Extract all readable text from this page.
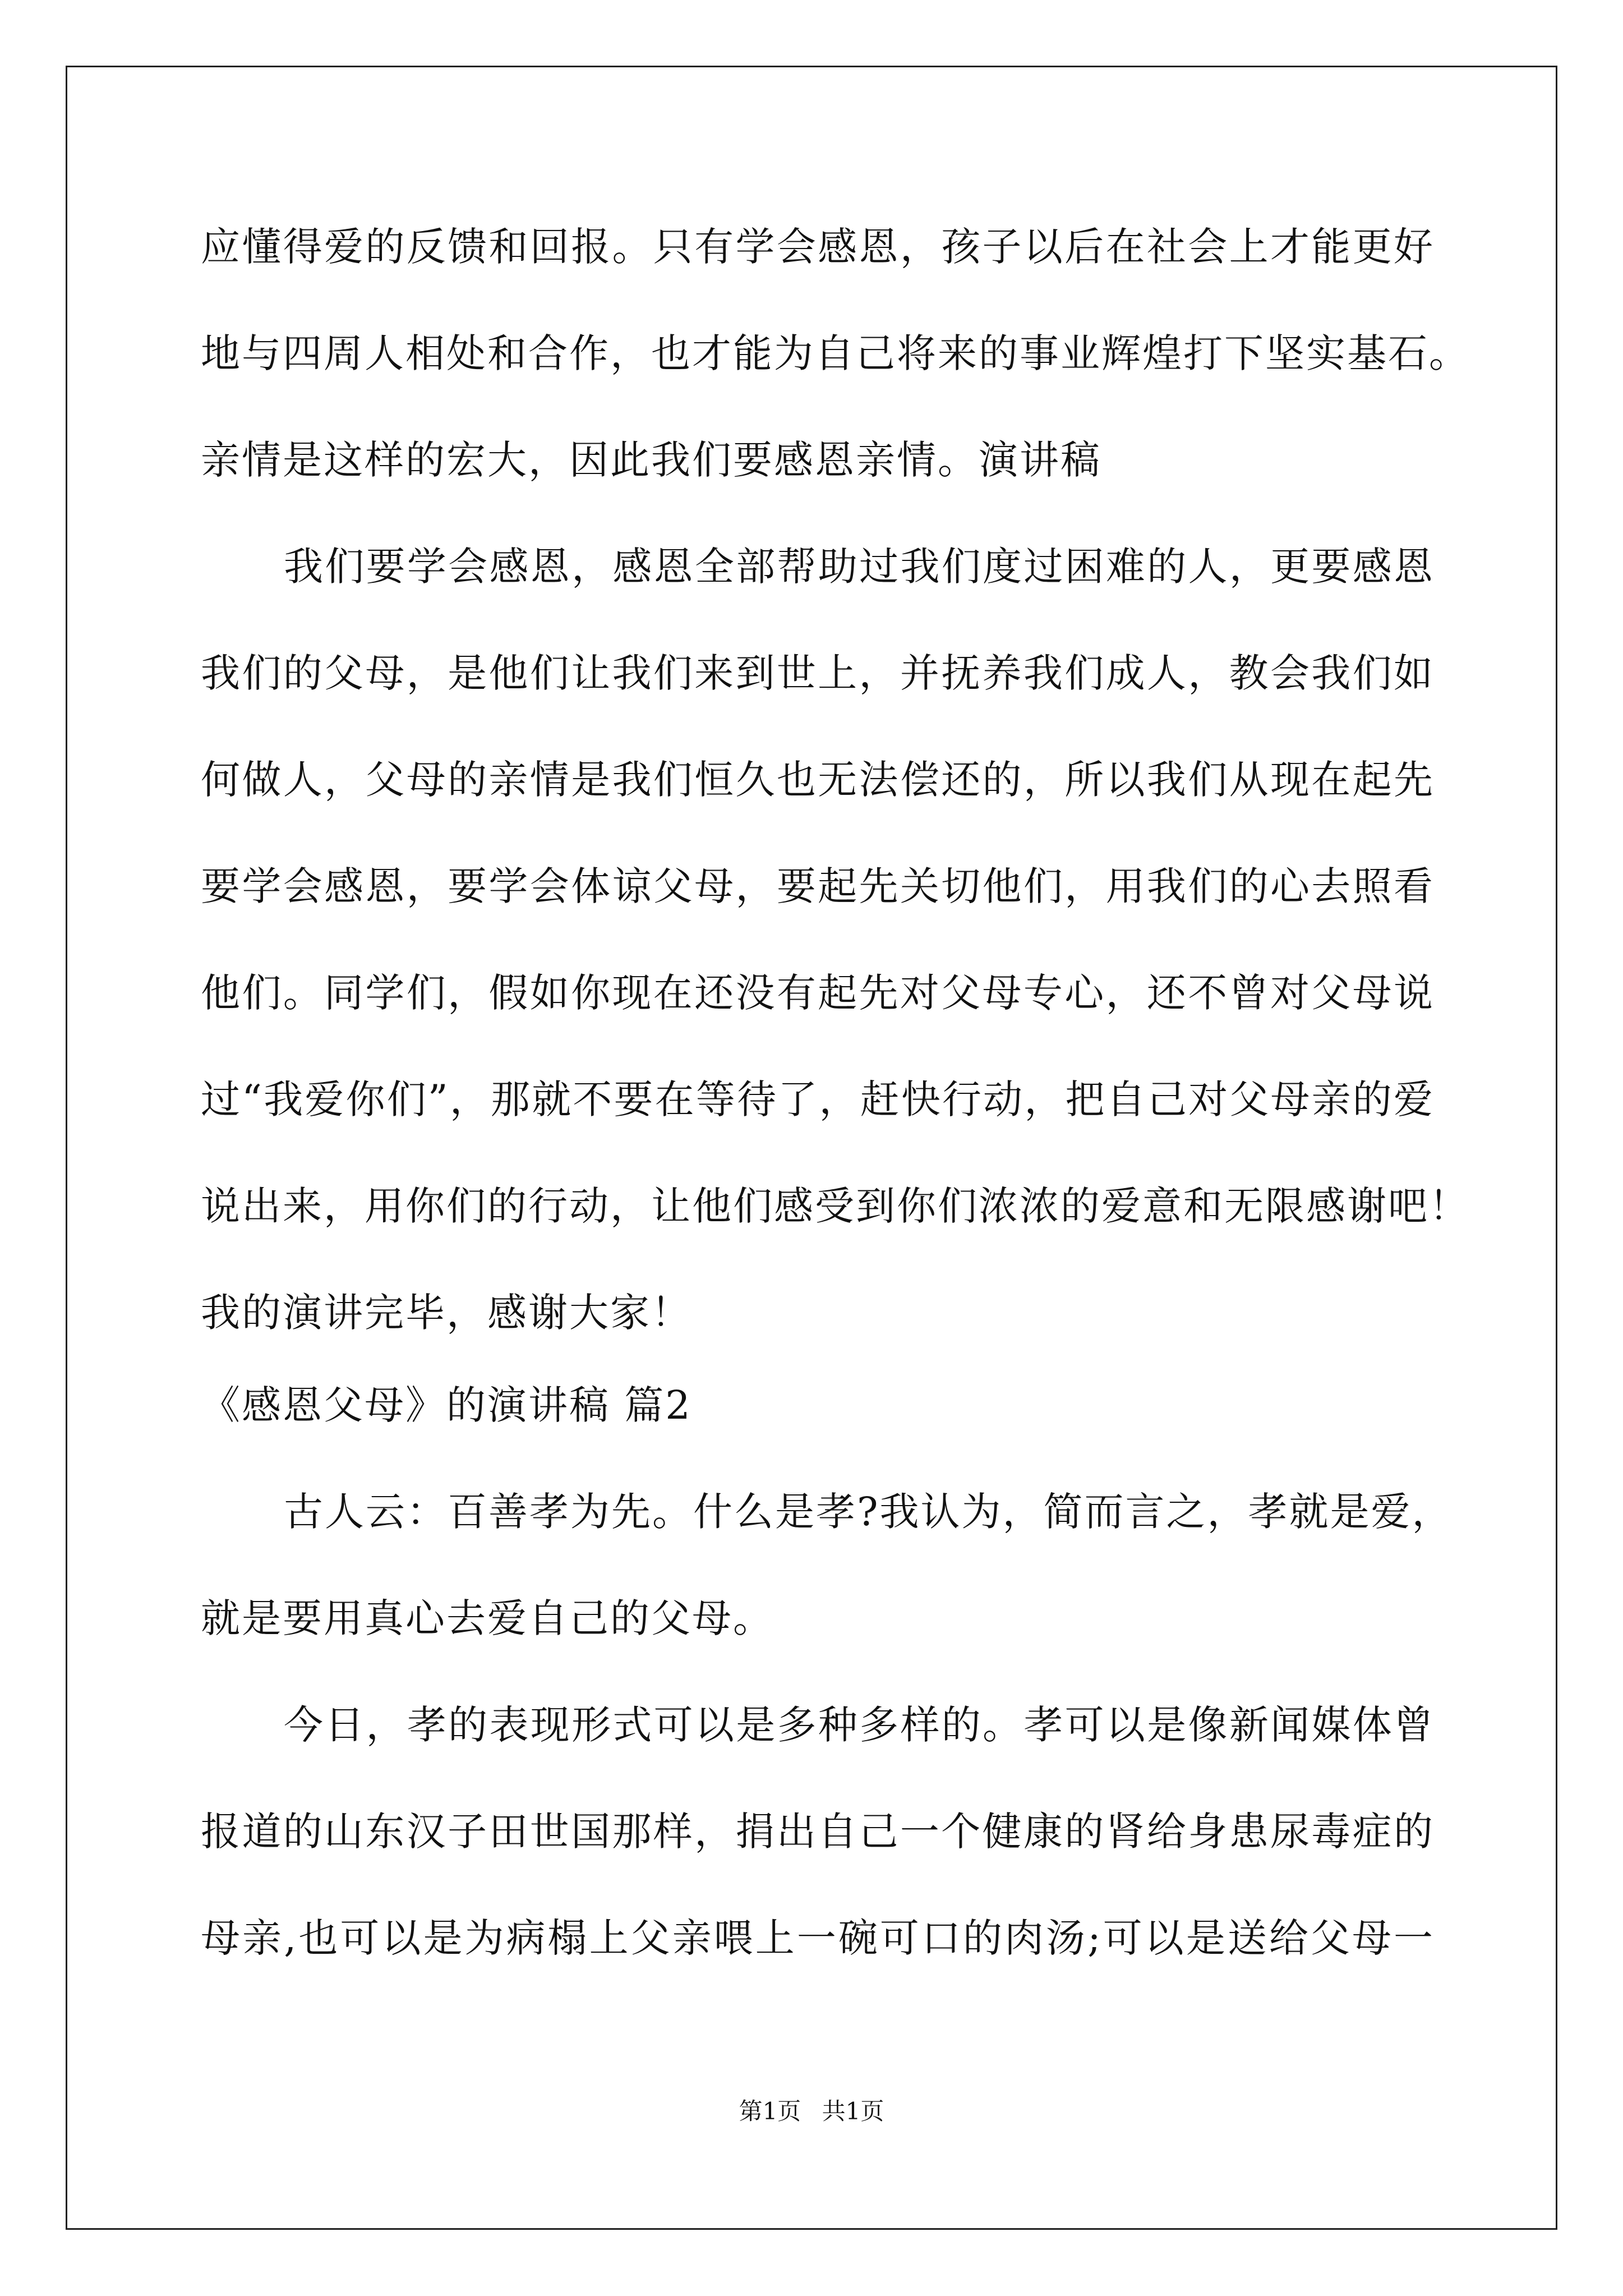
应懂得爱的反馈和回报。只有学会感恩，孩子以后在社会上才能更好
地与四周人相处和合作，也才能为自己将来的事业辉煌打下坚实基石。
亲情是这样的宏大，因此我们要感恩亲情。演讲稿
我们要学会感恩，感恩全部帮助过我们度过困难的人，更要感恩
我们的父母，是他们让我们来到世上，并抚养我们成人，教会我们如
何做人，父母的亲情是我们恒久也无法偿还的，所以我们从现在起先
要学会感恩，要学会体谅父母，要起先关切他们，用我们的心去照看
他们。同学们，假如你现在还没有起先对父母专心，还不曾对父母说
过“我爱你们”，那就不要在等待了，赶快行动，把自己对父母亲的爱
说出来，用你们的行动，让他们感受到你们浓浓的爱意和无限感谢吧！
我的演讲完毕，感谢大家！
《感恩父母》的演讲稿 篇2
古人云：百善孝为先。什么是孝?我认为，简而言之，孝就是爱，
就是要用真心去爱自己的父母。
今日，孝的表现形式可以是多种多样的。孝可以是像新闻媒体曾
报道的山东汉子田世国那样，捐出自己一个健康的肾给身患尿毒症的
母亲,也可以是为病榻上父亲喂上一碗可口的肉汤;可以是送给父母一
第1页 共1页
